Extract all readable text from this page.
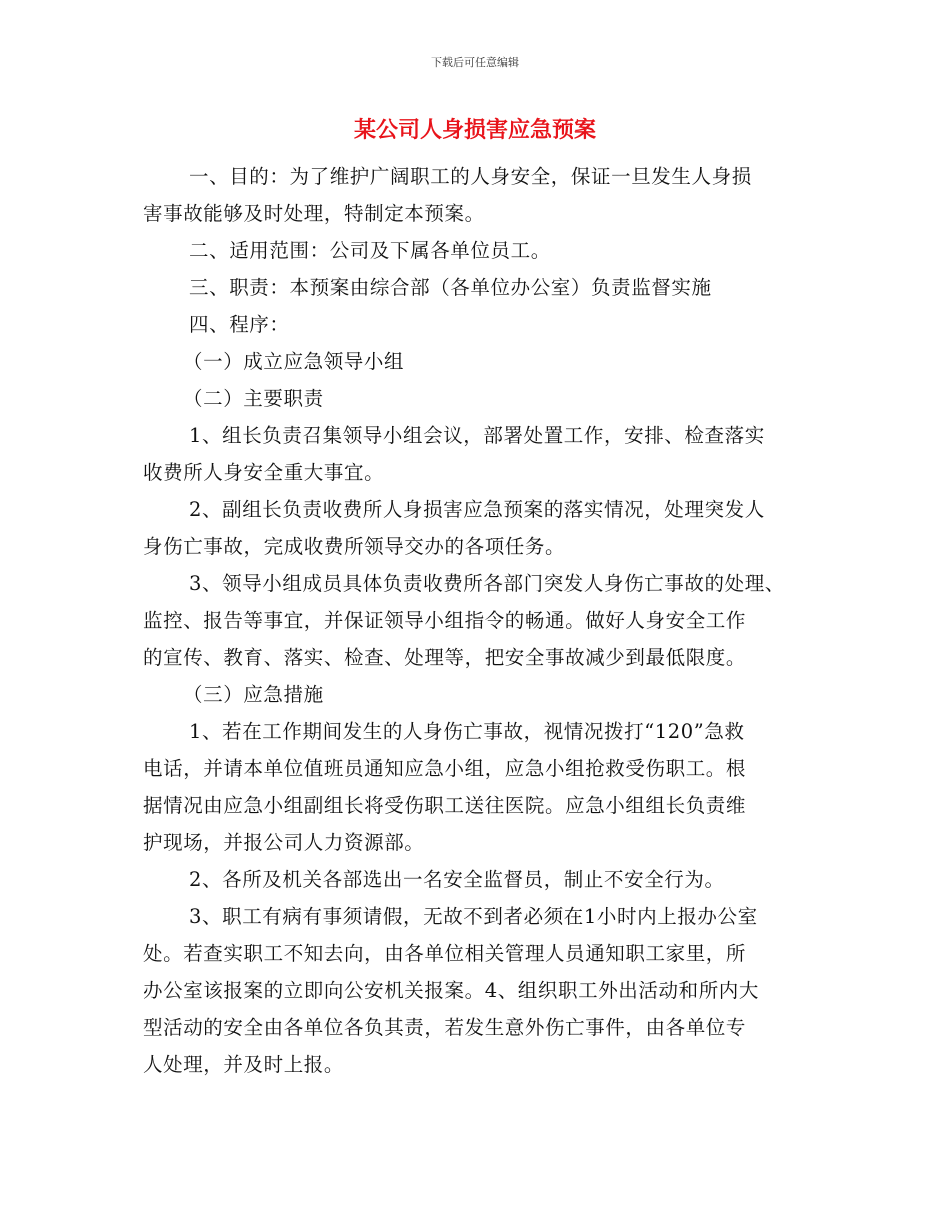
下载后可任意编辑
某公司人身损害应急预案
一、目的：为了维护广阔职工的人身安全，保证一旦发生人身损
害事故能够及时处理，特制定本预案。
二、适用范围：公司及下属各单位员工。
三、职责：本预案由综合部（各单位办公室）负责监督实施
四、程序：
（一）成立应急领导小组
（二）主要职责
1、组长负责召集领导小组会议，部署处置工作，安排、检查落实
收费所人身安全重大事宜。
2、副组长负责收费所人身损害应急预案的落实情况，处理突发人
身伤亡事故，完成收费所领导交办的各项任务。
3、领导小组成员具体负责收费所各部门突发人身伤亡事故的处理、
监控、报告等事宜，并保证领导小组指令的畅通。做好人身安全工作
的宣传、教育、落实、检查、处理等，把安全事故减少到最低限度。
（三）应急措施
1、若在工作期间发生的人身伤亡事故，视情况拨打“120”急救
电话，并请本单位值班员通知应急小组，应急小组抢救受伤职工。根
据情况由应急小组副组长将受伤职工送往医院。应急小组组长负责维
护现场，并报公司人力资源部。
2、各所及机关各部选出一名安全监督员，制止不安全行为。
3、职工有病有事须请假，无故不到者必须在1小时内上报办公室
处。若查实职工不知去向，由各单位相关管理人员通知职工家里，所
办公室该报案的立即向公安机关报案。4、组织职工外出活动和所内大
型活动的安全由各单位各负其责，若发生意外伤亡事件，由各单位专
人处理，并及时上报。
